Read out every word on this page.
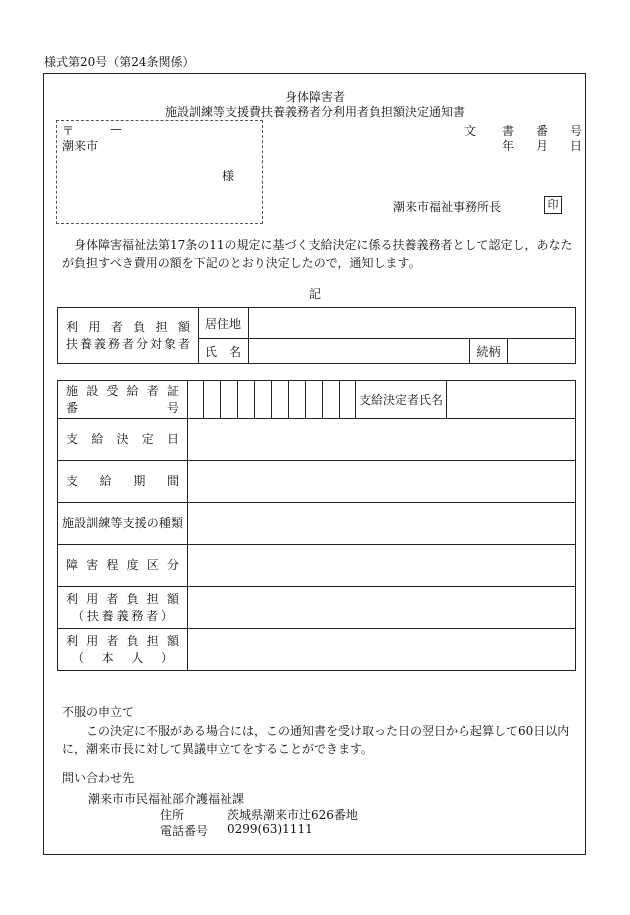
様式第20号（第24条関係）
身体障害者
施設訓練等支援費扶養義務者分利用者負担額決定通知書
〒	—
潮来市
様
文 書 番 号
年 月 日
潮来市福祉事務所長	印
　身体障害福祉法第17条の11の規定に基づく支給決定に係る扶養義務者として認定し，あなたが負担すべき費用の額を下記のとおり決定したので，通知します。
記
利用者負担額
扶養義務者分対象者	居住地			
	氏　名		続柄	
施設受給者証
番号											支給決定者氏名	

支給決定日												

支給期間												

施設訓練等支援の種類												

障害程度区分												

利用者負担額
（扶養義務者）												

利用者負担額
（本人）												

不服の申立て
　　この決定に不服がある場合には，この通知書を受け取った日の翌日から起算して60日以内に，潮来市長に対して異議申立てをすることができます。
問い合わせ先
潮来市市民福祉部介護福祉課
住所	茨城県潮来市辻626番地
電話番号 0299(63)1111
